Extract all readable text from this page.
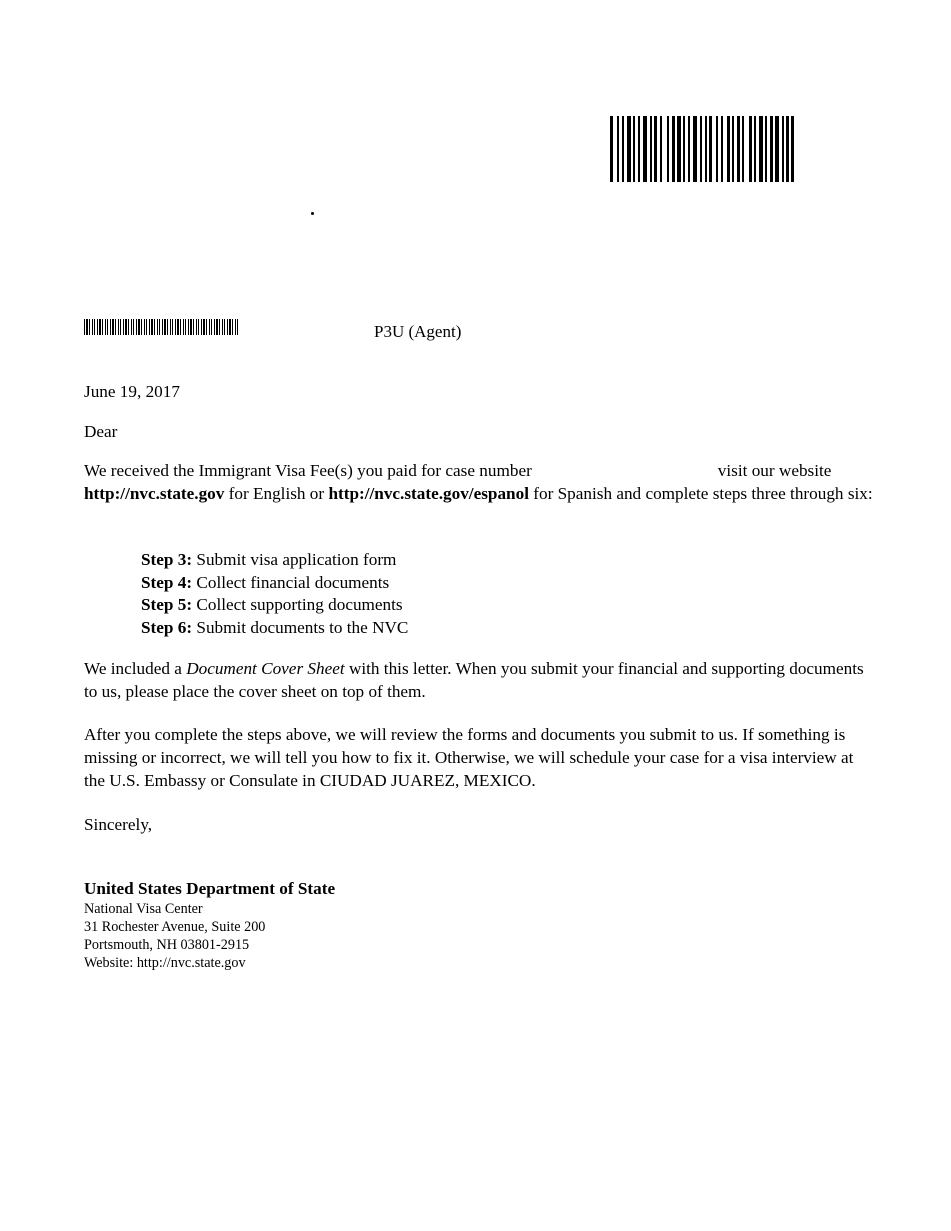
P3U (Agent)
June 19, 2017
Dear
We received the Immigrant Visa Fee(s) you paid for case number	visit our website http://nvc.state.gov for English or http://nvc.state.gov/espanol for Spanish and complete steps three through six:
Step 3: Submit visa application form
Step 4: Collect financial documents
Step 5: Collect supporting documents
Step 6: Submit documents to the NVC
We included a Document Cover Sheet with this letter. When you submit your financial and supporting documents to us, please place the cover sheet on top of them.
After you complete the steps above, we will review the forms and documents you submit to us. If something is missing or incorrect, we will tell you how to fix it. Otherwise, we will schedule your case for a visa interview at the U.S. Embassy or Consulate in CIUDAD JUAREZ, MEXICO.
Sincerely,
United States Department of State
National Visa Center
31 Rochester Avenue, Suite 200
Portsmouth, NH 03801-2915
Website: http://nvc.state.gov
